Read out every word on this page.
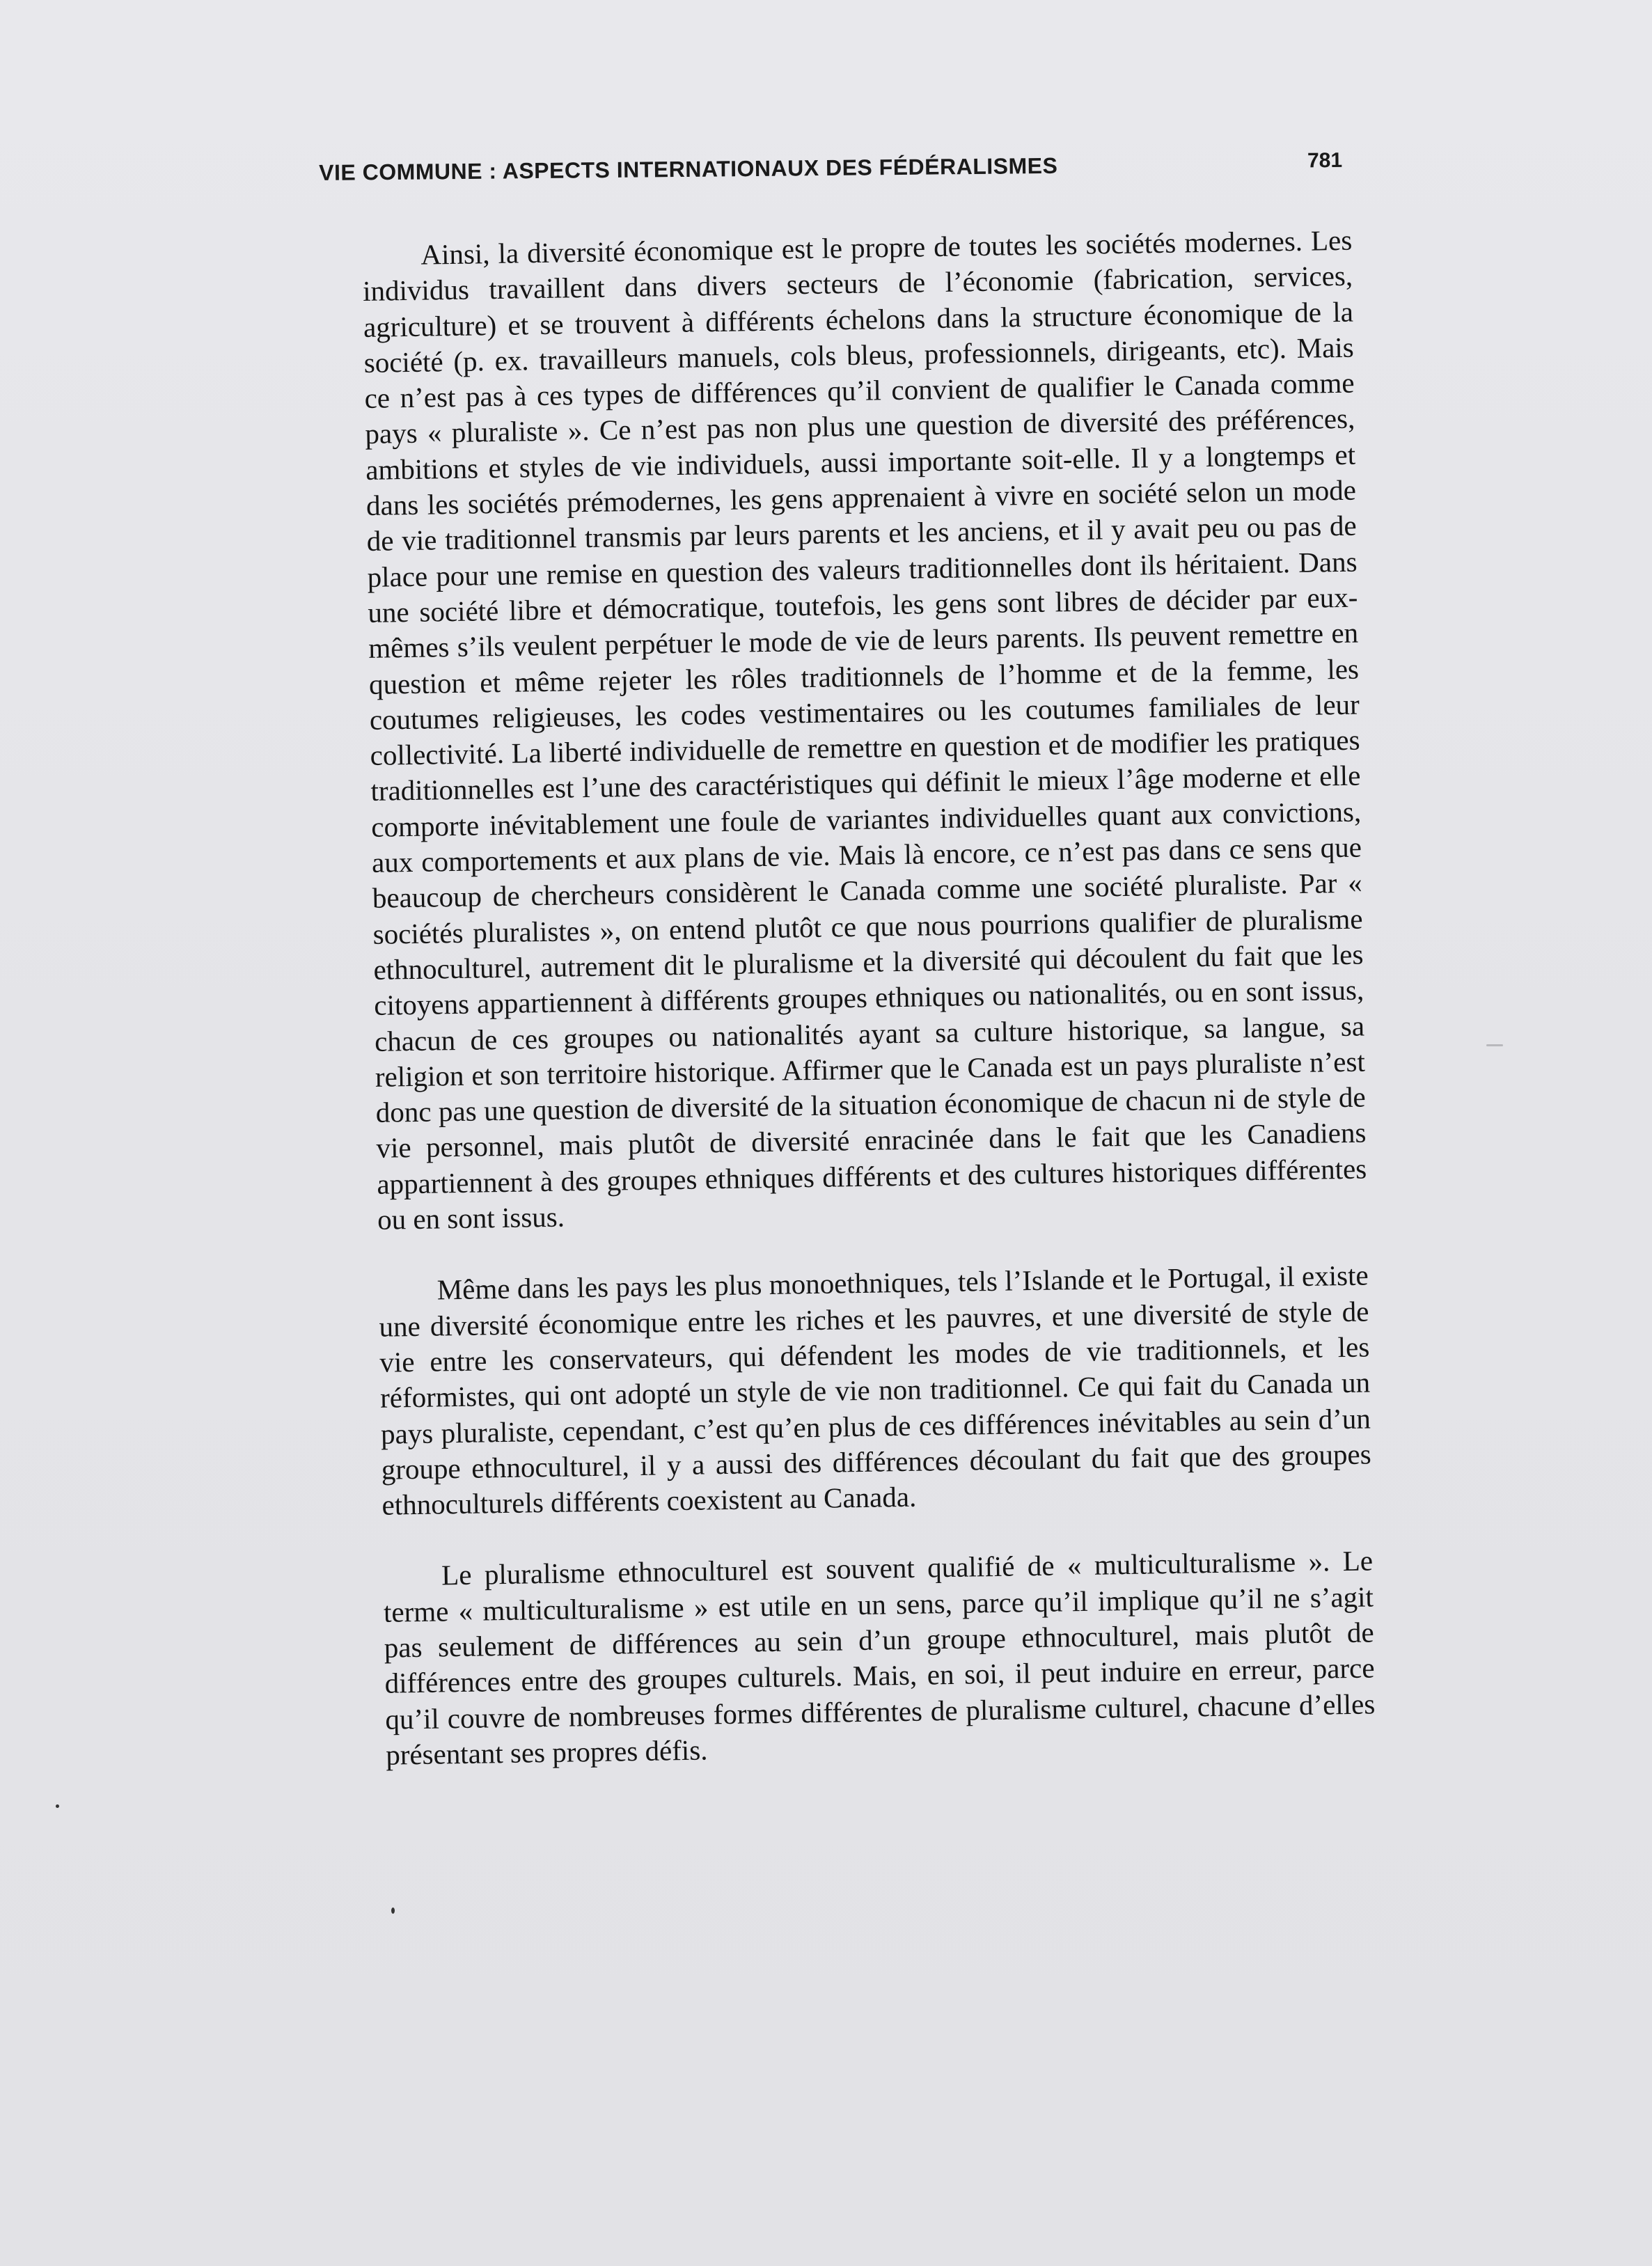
VIE COMMUNE : ASPECTS INTERNATIONAUX DES FÉDÉRALISMES	781

Ainsi, la diversité économique est le propre de toutes les sociétés modernes. Les individus travaillent dans divers secteurs de l’économie (fabrication, services, agriculture) et se trouvent à différents échelons dans la structure économique de la société (p. ex. travailleurs manuels, cols bleus, professionnels, dirigeants, etc). Mais ce n’est pas à ces types de différences qu’il convient de qualifier le Canada comme pays « pluraliste ». Ce n’est pas non plus une question de diversité des préférences, ambitions et styles de vie individuels, aussi importante soit-elle. Il y a longtemps et dans les sociétés prémodernes, les gens apprenaient à vivre en société selon un mode de vie traditionnel transmis par leurs parents et les anciens, et il y avait peu ou pas de place pour une remise en question des valeurs traditionnelles dont ils héritaient. Dans une société libre et démocratique, toutefois, les gens sont libres de décider par eux-mêmes s’ils veulent perpétuer le mode de vie de leurs parents. Ils peuvent remettre en question et même rejeter les rôles traditionnels de l’homme et de la femme, les coutumes religieuses, les codes vestimentaires ou les coutumes familiales de leur collectivité. La liberté individuelle de remettre en question et de modifier les pratiques traditionnelles est l’une des caractéristiques qui définit le mieux l’âge moderne et elle comporte inévitablement une foule de variantes individuelles quant aux convictions, aux comportements et aux plans de vie. Mais là encore, ce n’est pas dans ce sens que beaucoup de chercheurs considèrent le Canada comme une société pluraliste. Par « sociétés pluralistes », on entend plutôt ce que nous pourrions qualifier de pluralisme ethnoculturel, autrement dit le pluralisme et la diversité qui découlent du fait que les citoyens appartiennent à différents groupes ethniques ou nationalités, ou en sont issus, chacun de ces groupes ou nationalités ayant sa culture historique, sa langue, sa religion et son territoire historique. Affirmer que le Canada est un pays pluraliste n’est donc pas une question de diversité de la situation économique de chacun ni de style de vie personnel, mais plutôt de diversité enracinée dans le fait que les Canadiens appartiennent à des groupes ethniques différents et des cultures historiques différentes ou en sont issus.

Même dans les pays les plus monoethniques, tels l’Islande et le Portugal, il existe une diversité économique entre les riches et les pauvres, et une diversité de style de vie entre les conservateurs, qui défendent les modes de vie traditionnels, et les réformistes, qui ont adopté un style de vie non traditionnel. Ce qui fait du Canada un pays pluraliste, cependant, c’est qu’en plus de ces différences inévitables au sein d’un groupe ethnoculturel, il y a aussi des différences découlant du fait que des groupes ethnoculturels différents coexistent au Canada.

Le pluralisme ethnoculturel est souvent qualifié de « multiculturalisme ». Le terme « multiculturalisme » est utile en un sens, parce qu’il implique qu’il ne s’agit pas seulement de différences au sein d’un groupe ethnoculturel, mais plutôt de différences entre des groupes culturels. Mais, en soi, il peut induire en erreur, parce qu’il couvre de nombreuses formes différentes de pluralisme culturel, chacune d’elles présentant ses propres défis.
